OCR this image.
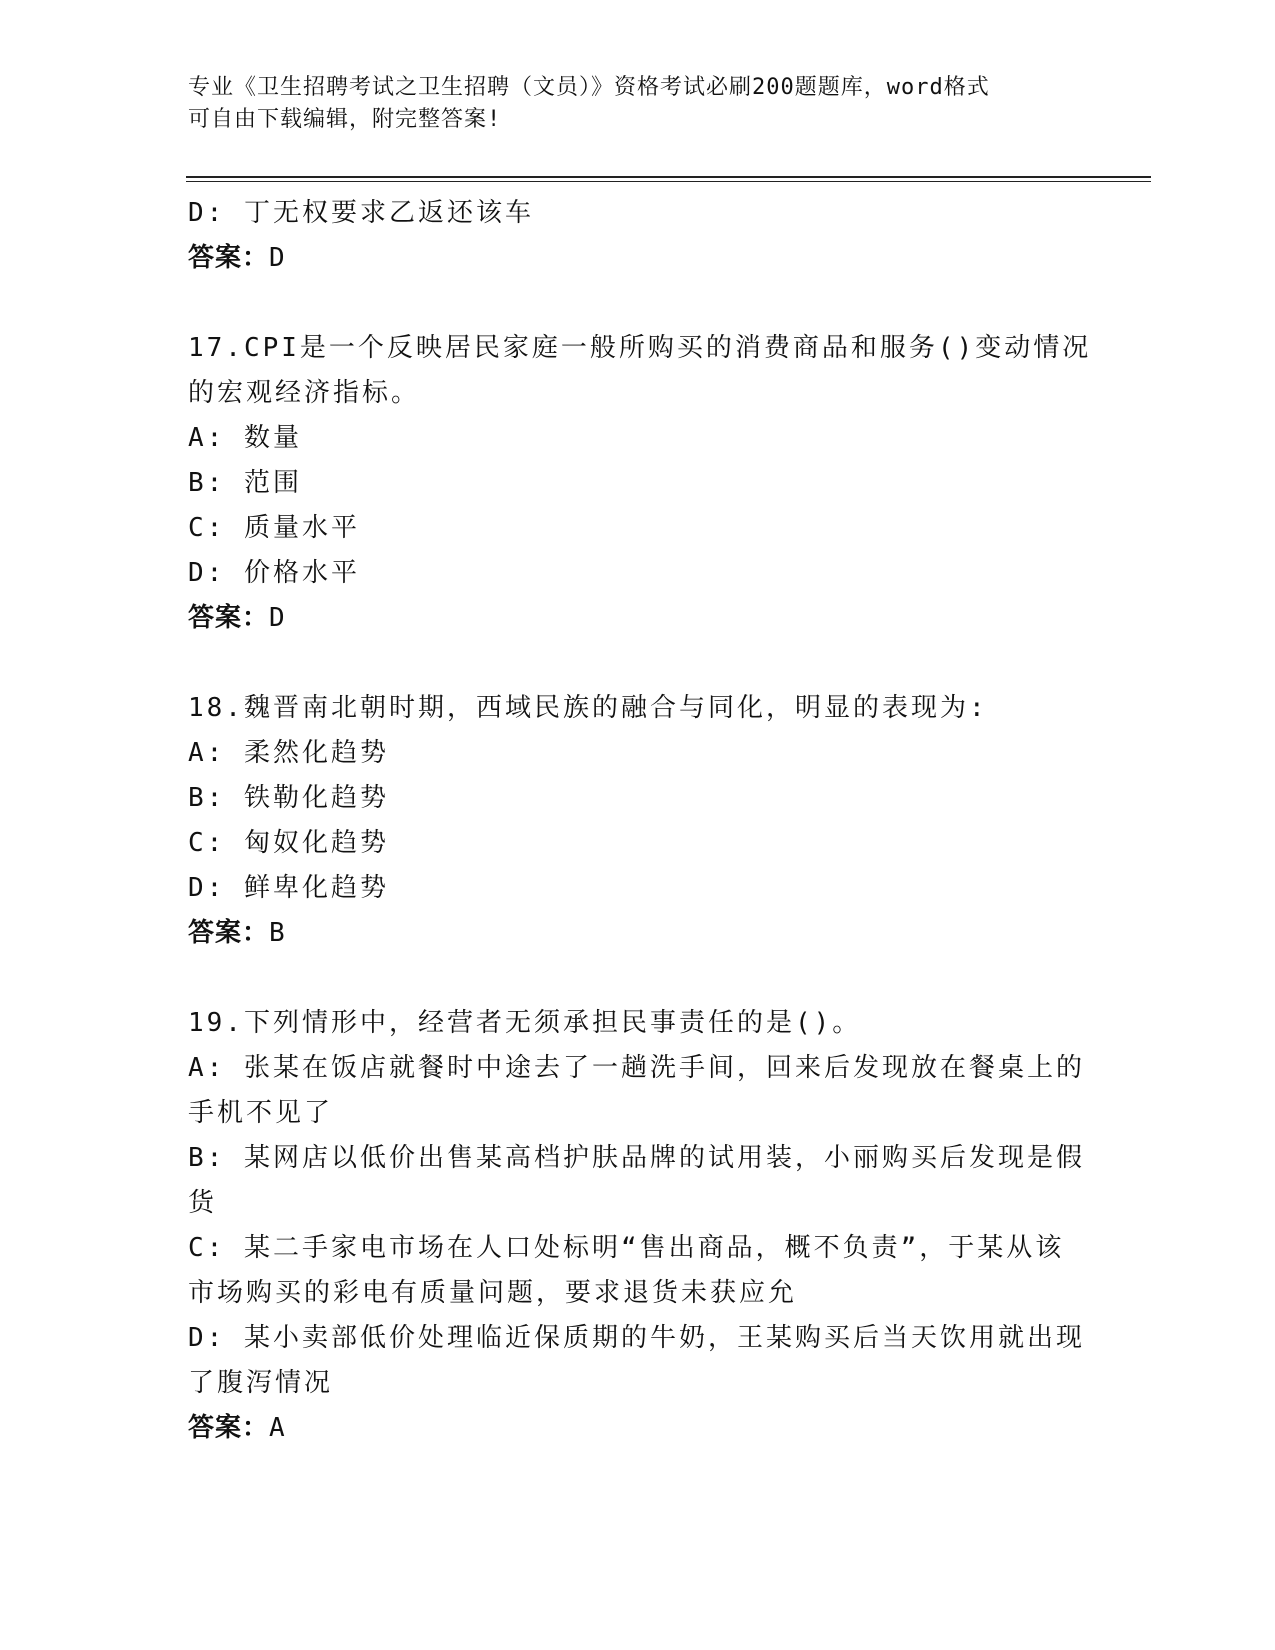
专业《卫生招聘考试之卫生招聘（文员）》资格考试必刷200题题库，word格式
可自由下载编辑，附完整答案!
D: 丁无权要求乙返还该车
答案：D
17.CPI是一个反映居民家庭一般所购买的消费商品和服务()变动情况
的宏观经济指标。
A: 数量
B: 范围
C: 质量水平
D: 价格水平
答案：D
18.魏晋南北朝时期，西域民族的融合与同化，明显的表现为:
A: 柔然化趋势
B: 铁勒化趋势
C: 匈奴化趋势
D: 鲜卑化趋势
答案：B
19.下列情形中，经营者无须承担民事责任的是()。
A: 张某在饭店就餐时中途去了一趟洗手间，回来后发现放在餐桌上的
手机不见了
B: 某网店以低价出售某高档护肤品牌的试用装，小丽购买后发现是假
货
C: 某二手家电市场在人口处标明“售出商品，概不负责”，于某从该
市场购买的彩电有质量问题，要求退货未获应允
D: 某小卖部低价处理临近保质期的牛奶，王某购买后当天饮用就出现
了腹泻情况
答案：A
